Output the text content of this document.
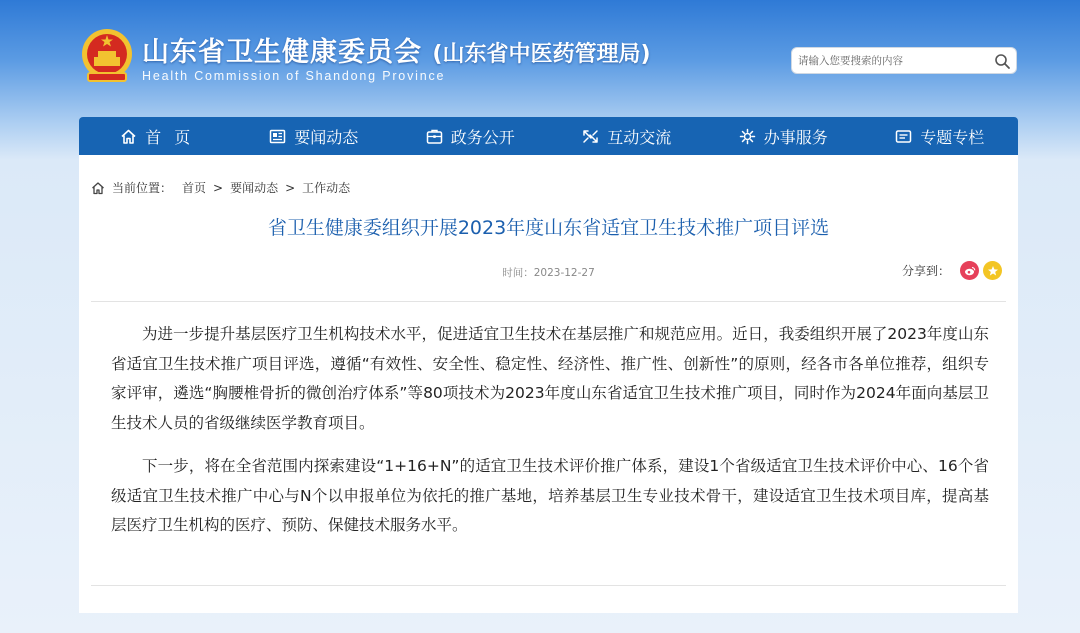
山东省卫生健康委员会 (山东省中医药管理局)
Health Commission of Shandong Province
请输入您要搜索的内容
首 页	要闻动态	政务公开	互动交流	办事服务	专题专栏
当前位置： 首页 > 要闻动态 > 工作动态
省卫生健康委组织开展2023年度山东省适宜卫生技术推广项目评选
时间：2023-12-27	分享到：

为进一步提升基层医疗卫生机构技术水平，促进适宜卫生技术在基层推广和规范应用。近日，我委组织开展了2023年度山东省适宜卫生技术推广项目评选，遵循“有效性、安全性、稳定性、经济性、推广性、创新性”的原则，经各市各单位推荐，组织专家评审，遴选“胸腰椎骨折的微创治疗体系”等80项技术为2023年度山东省适宜卫生技术推广项目，同时作为2024年面向基层卫生技术人员的省级继续医学教育项目。

下一步，将在全省范围内探索建设“1+16+N”的适宜卫生技术评价推广体系，建设1个省级适宜卫生技术评价中心、16个省级适宜卫生技术推广中心与N个以申报单位为依托的推广基地，培养基层卫生专业技术骨干，建设适宜卫生技术项目库，提高基层医疗卫生机构的医疗、预防、保健技术服务水平。
